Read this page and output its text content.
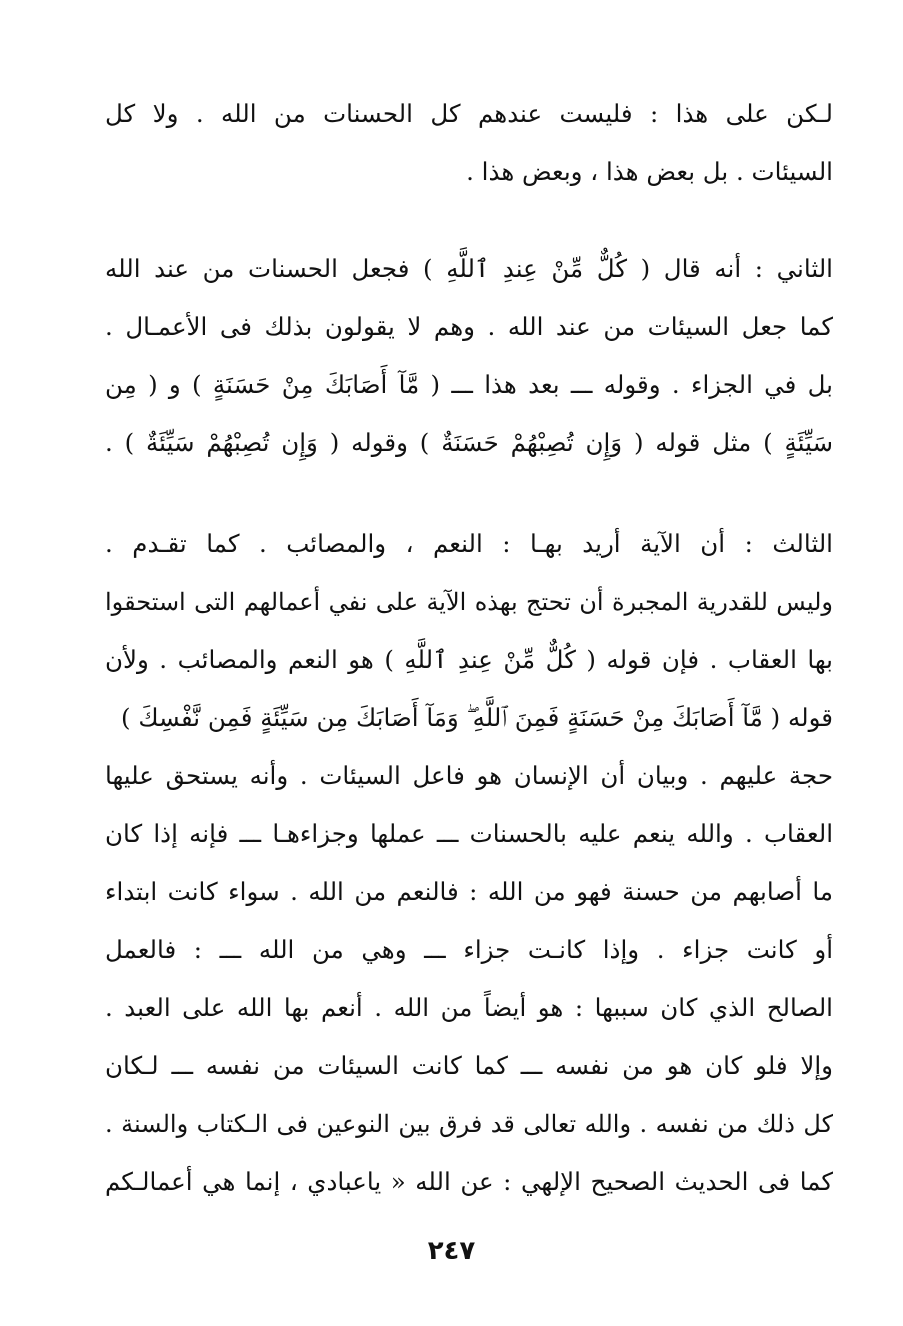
لـكن على هذا : فليست عندهم كل الحسنات من الله . ولا كل
السيئات . بل بعض هذا ، وبعض هذا .
الثاني : أنه قال ( كُلٌّ مِّنْ عِندِ ٱللَّهِ ) فجعل الحسنات من عند الله
كما جعل السيئات من عند الله . وهم لا يقولون بذلك فى الأعمـال .
بل في الجزاء . وقوله ـــ بعد هذا ـــ ( مَّآ أَصَابَكَ مِنْ حَسَنَةٍ ) و ( مِن
سَيِّئَةٍ ) مثل قوله ( وَإِن تُصِبْهُمْ حَسَنَةٌ ) وقوله ( وَإِن تُصِبْهُمْ سَيِّئَةٌ ) .
الثالث : أن الآية أريد بهـا : النعم ، والمصائب . كما تقـدم .
وليس للقدرية المجبرة أن تحتج بهذه الآية على نفي أعمالهم التى استحقوا
بها العقاب . فإن قوله ( كُلٌّ مِّنْ عِندِ ٱللَّهِ ) هو النعم والمصائب . ولأن
قوله ( مَّآ أَصَابَكَ مِنْ حَسَنَةٍ فَمِنَ ٱللَّهِ ۖ وَمَآ أَصَابَكَ مِن سَيِّئَةٍ فَمِن نَّفْسِكَ )
حجة عليهم . وبيان أن الإنسان هو فاعل السيئات . وأنه يستحق عليها
العقاب . والله ينعم عليه بالحسنات ـــ عملها وجزاءهـا ـــ فإنه إذا كان
ما أصابهم من حسنة فهو من الله : فالنعم من الله . سواء كانت ابتداء
أو كانت جزاء . وإذا كانـت جزاء ـــ وهي من الله ـــ : فالعمل
الصالح الذي كان سببها : هو أيضاً من الله . أنعم بها الله على العبد .
وإلا فلو كان هو من نفسه ـــ كما كانت السيئات من نفسه ـــ لـكان
كل ذلك من نفسه . والله تعالى قد فرق بين النوعين فى الـكتاب والسنة .
كما فى الحديث الصحيح الإلهي : عن الله « ياعبادي ، إنما هي أعمالـكم
٢٤٧
